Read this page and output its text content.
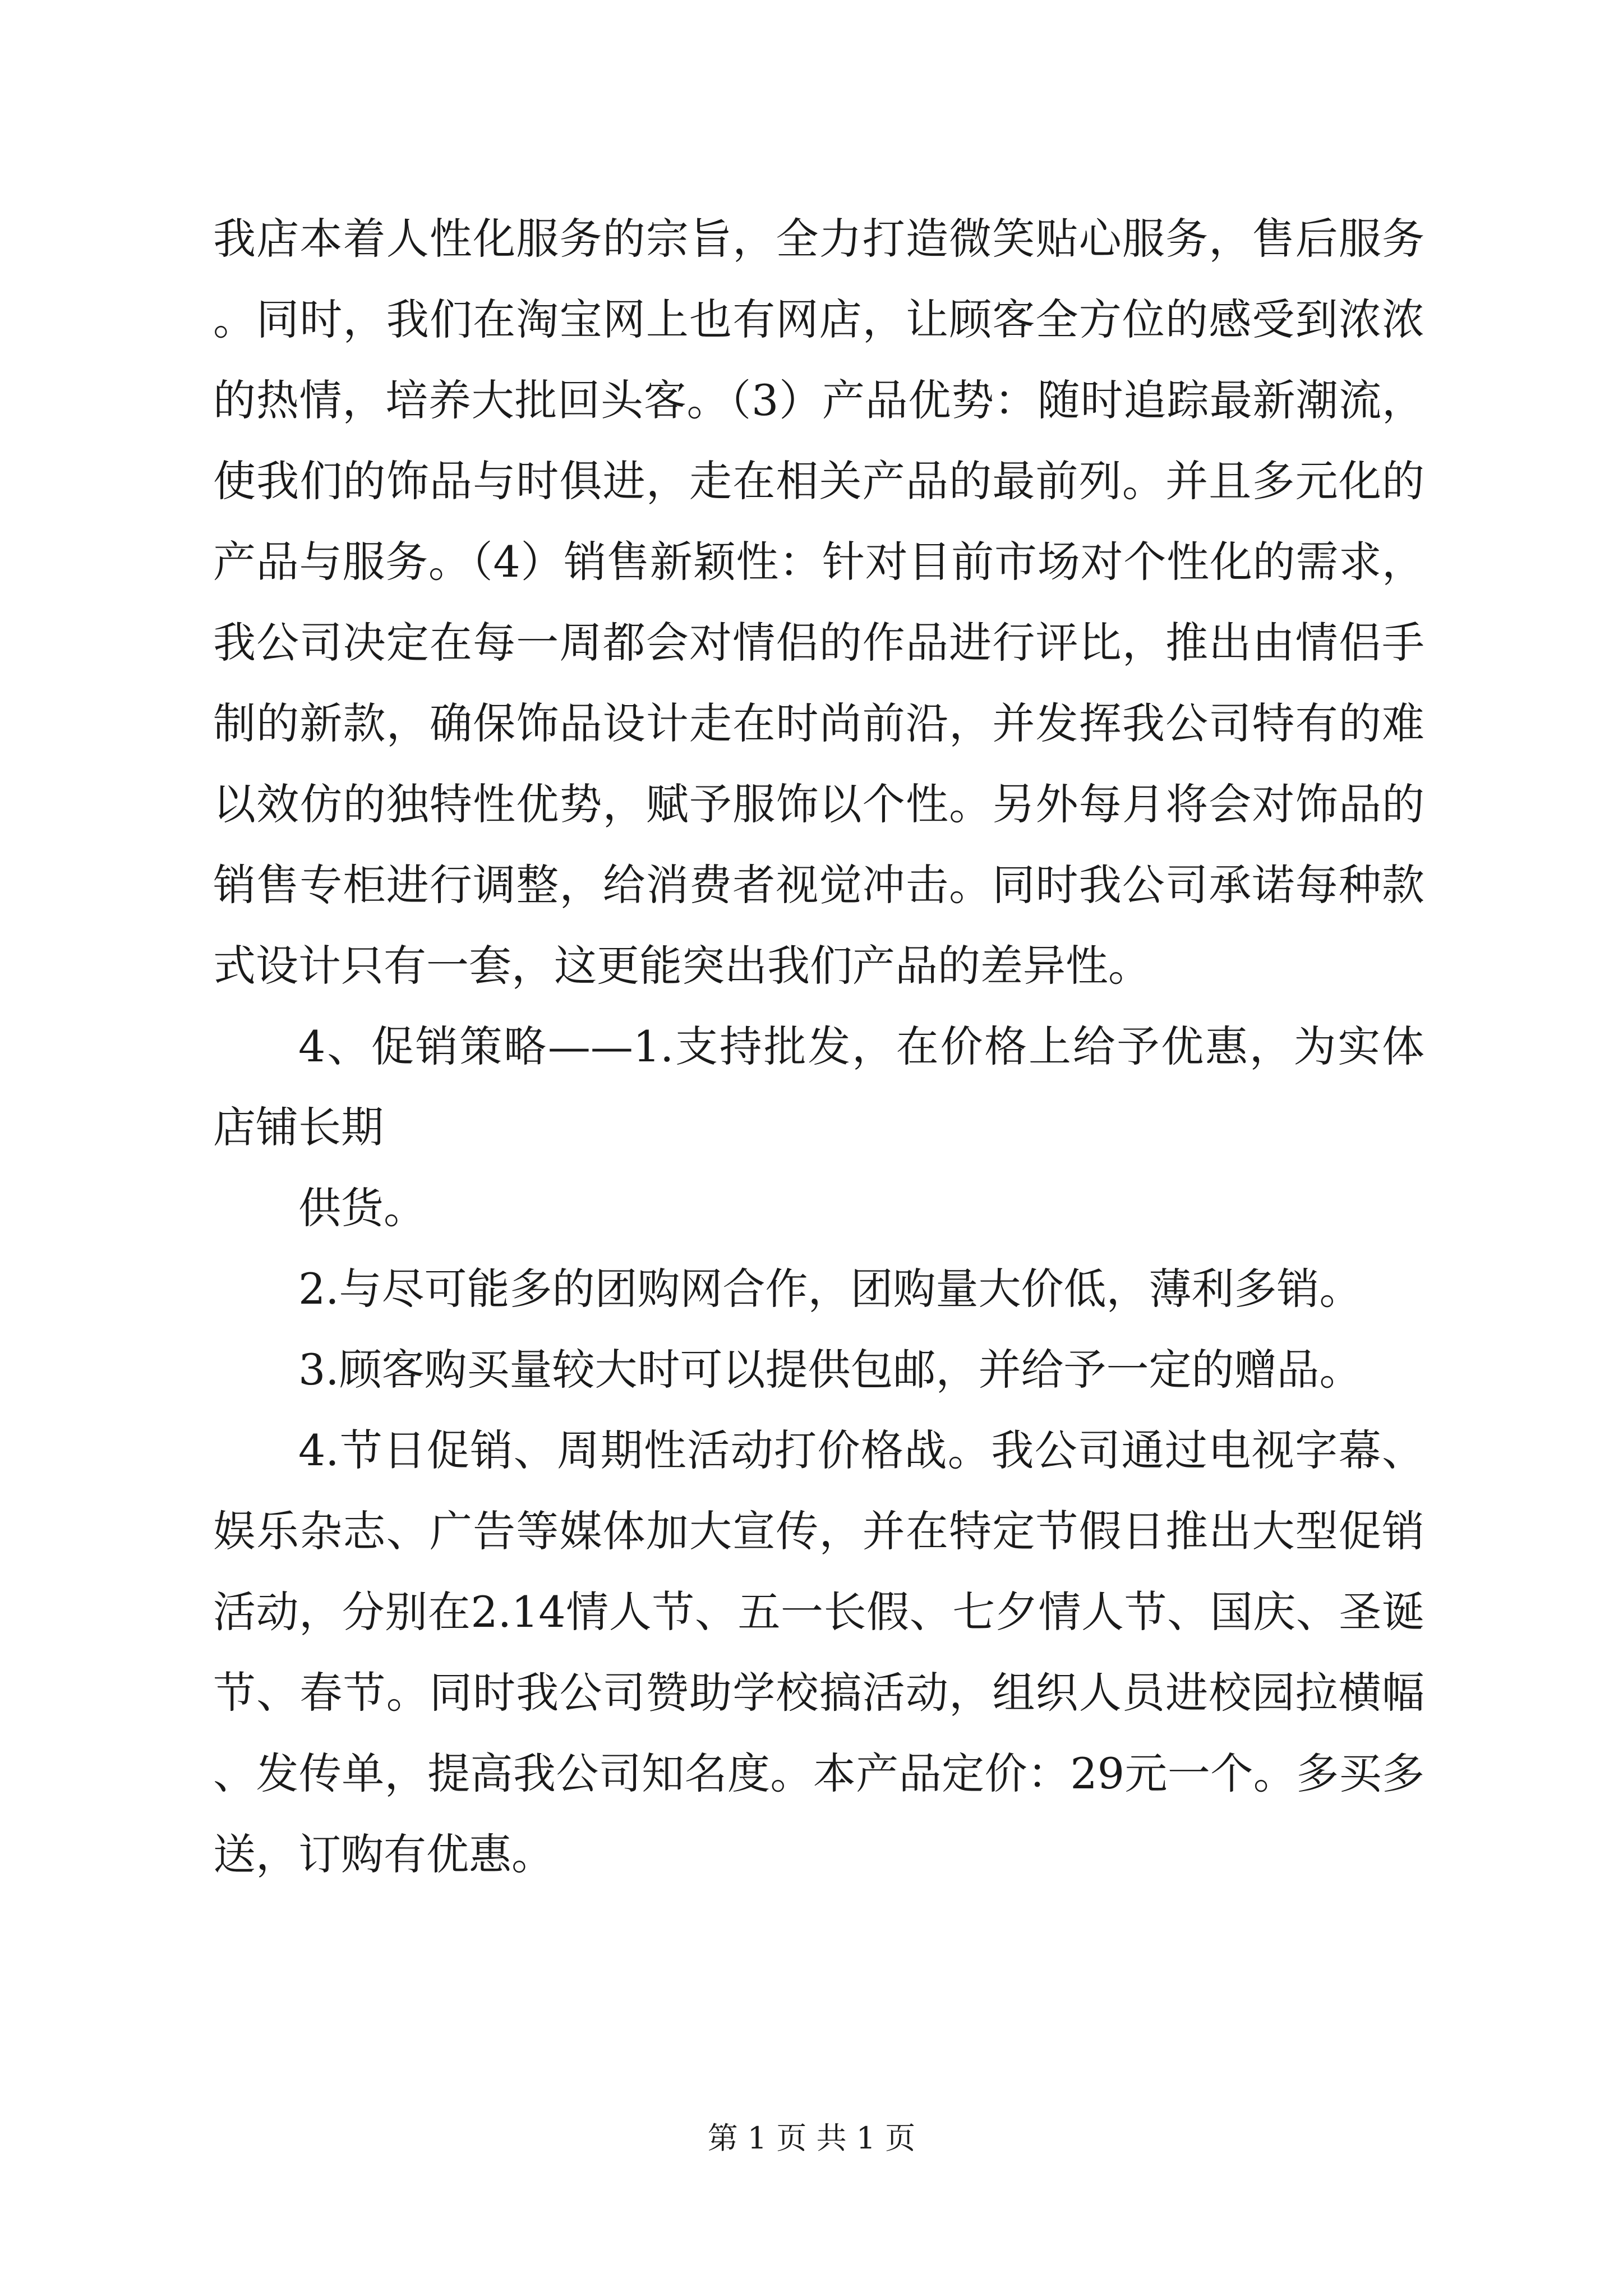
我店本着人性化服务的宗旨，全力打造微笑贴心服务，售后服务。同时，我们在淘宝网上也有网店，让顾客全方位的感受到浓浓的热情，培养大批回头客。（3）产品优势：随时追踪最新潮流，使我们的饰品与时俱进，走在相关产品的最前列。并且多元化的产品与服务。（4）销售新颖性：针对目前市场对个性化的需求，我公司决定在每一周都会对情侣的作品进行评比，推出由情侣手制的新款，确保饰品设计走在时尚前沿，并发挥我公司特有的难以效仿的独特性优势，赋予服饰以个性。另外每月将会对饰品的销售专柜进行调整，给消费者视觉冲击。同时我公司承诺每种款式设计只有一套，这更能突出我们产品的差异性。

4、促销策略——1.支持批发，在价格上给予优惠，为实体店铺长期

供货。

2.与尽可能多的团购网合作，团购量大价低，薄利多销。

3.顾客购买量较大时可以提供包邮，并给予一定的赠品。

4.节日促销、周期性活动打价格战。我公司通过电视字幕、娱乐杂志、广告等媒体加大宣传，并在特定节假日推出大型促销活动，分别在2.14情人节、五一长假、七夕情人节、国庆、圣诞节、春节。同时我公司赞助学校搞活动，组织人员进校园拉横幅、发传单，提高我公司知名度。本产品定价：29元一个。多买多送，订购有优惠。

第 1 页 共 1 页
